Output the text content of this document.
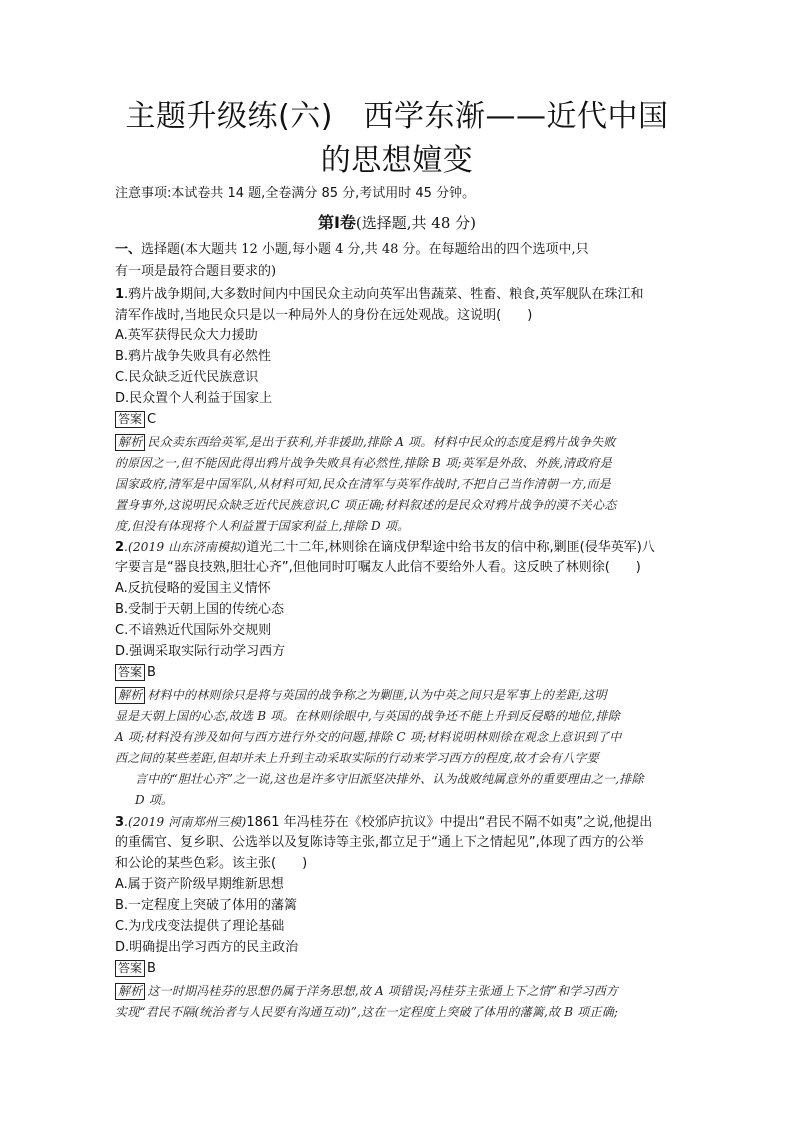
主题升级练(六)　西学东渐——近代中国
的思想嬗变
注意事项:本试卷共 14 题,全卷满分 85 分,考试用时 45 分钟。
第Ⅰ卷(选择题,共 48 分)
一、选择题(本大题共 12 小题,每小题 4 分,共 48 分。在每题给出的四个选项中,只
有一项是最符合题目要求的)
1.鸦片战争期间,大多数时间内中国民众主动向英军出售蔬菜、牲畜、粮食,英军舰队在珠江和
清军作战时,当地民众只是以一种局外人的身份在远处观战。这说明(　　)
A.英军获得民众大力援助
B.鸦片战争失败具有必然性
C.民众缺乏近代民族意识
D.民众置个人利益于国家上
答案 C
解析 民众卖东西给英军,是出于获利,并非援助,排除 A 项。材料中民众的态度是鸦片战争失败
的原因之一,但不能因此得出鸦片战争失败具有必然性,排除 B 项;英军是外敌、外族,清政府是
国家政府,清军是中国军队,从材料可知,民众在清军与英军作战时,不把自己当作清朝一方,而是
置身事外,这说明民众缺乏近代民族意识,C 项正确;材料叙述的是民众对鸦片战争的漠不关心态
度,但没有体现将个人利益置于国家利益上,排除 D 项。
2.(2019 山东济南模拟)道光二十二年,林则徐在谪戍伊犁途中给书友的信中称,剿匪(侵华英军)八
字要言是“器良技熟,胆壮心齐”,但他同时叮嘱友人此信不要给外人看。这反映了林则徐(　　)
A.反抗侵略的爱国主义情怀
B.受制于天朝上国的传统心态
C.不谙熟近代国际外交规则
D.强调采取实际行动学习西方
答案 B
解析 材料中的林则徐只是将与英国的战争称之为剿匪,认为中英之间只是军事上的差距,这明
显是天朝上国的心态,故选 B 项。在林则徐眼中,与英国的战争还不能上升到反侵略的地位,排除
A 项;材料没有涉及如何与西方进行外交的问题,排除 C 项;材料说明林则徐在观念上意识到了中
西之间的某些差距,但却并未上升到主动采取实际的行动来学习西方的程度,故才会有八字要
言中的“胆壮心齐”之一说,这也是许多守旧派坚决排外、认为战败纯属意外的重要理由之一,排除
D 项。
3.(2019 河南郑州三模)1861 年冯桂芬在《校邠庐抗议》中提出“君民不隔不如夷”之说,他提出
的重儒官、复乡职、公选举以及复陈诗等主张,都立足于“通上下之情起见”,体现了西方的公举
和公论的某些色彩。该主张(　　)
A.属于资产阶级早期维新思想
B.一定程度上突破了体用的藩篱
C.为戊戌变法提供了理论基础
D.明确提出学习西方的民主政治
答案 B
解析 这一时期冯桂芬的思想仍属于洋务思想,故 A 项错误;冯桂芬主张通上下之情”和学习西方
实现“君民不隔(统治者与人民要有沟通互动)”,这在一定程度上突破了体用的藩篱,故 B 项正确;
